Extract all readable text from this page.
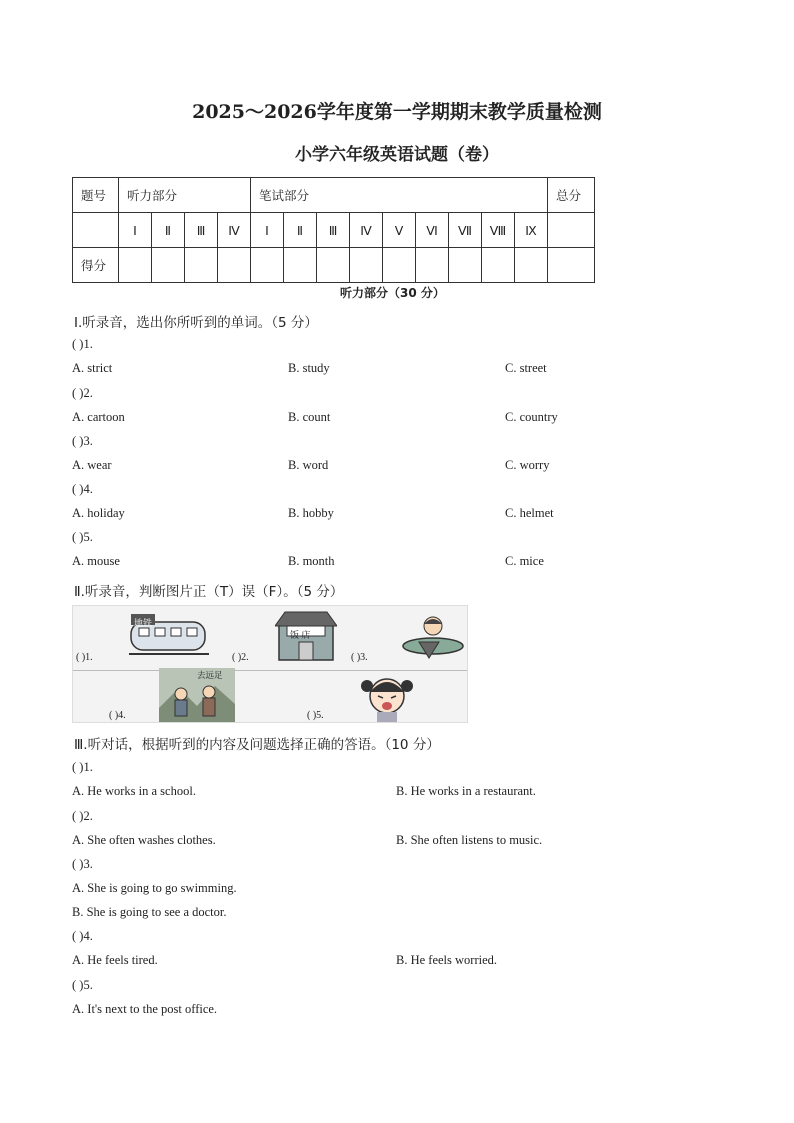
2025～2026学年度第一学期期末教学质量检测
小学六年级英语试题（卷）
题号	听力部分				笔试部分									总分
	Ⅰ	Ⅱ	Ⅲ	Ⅳ	Ⅰ	Ⅱ	Ⅲ	Ⅳ	Ⅴ	Ⅵ	Ⅶ	Ⅷ	Ⅸ	
得分														
听力部分（30 分）
Ⅰ.听录音，选出你所听到的单词。（5 分）
( )1.
A. strict	B. study	C. street
( )2.
A. cartoon	B. count	C. country
( )3.
A. wear	B. word	C. worry
( )4.
A. holiday	B. hobby	C. helmet
( )5.
A. mouse	B. month	C. mice
Ⅱ.听录音，判断图片正（T）误（F）。（5 分）
地铁
( )1.
饭 店
( )2.	( )3.
去远足
( )4.	( )5.
Ⅲ.听对话，根据听到的内容及问题选择正确的答语。（10 分）
( )1.
A. He works in a school.	B. He works in a restaurant.
( )2.
A. She often washes clothes.	B. She often listens to music.
( )3.
A. She is going to go swimming.
B. She is going to see a doctor.
( )4.
A. He feels tired.	B. He feels worried.
( )5.
A. It's next to the post office.
